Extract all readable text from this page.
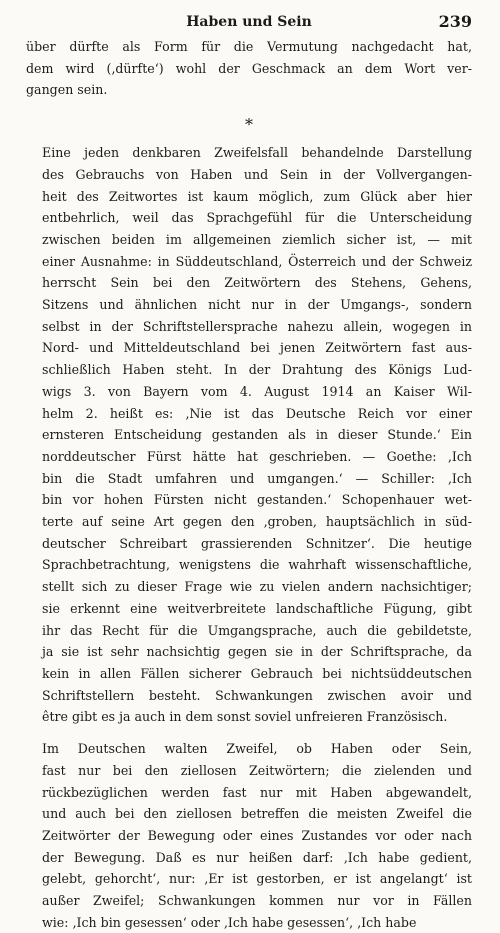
Haben und Sein	239

über dürfte als Form für die Vermutung nachgedacht hat,
dem wird (‚dürfte‘) wohl der Geschmack an dem Wort ver-
gangen sein.

*

Eine jeden denkbaren Zweifelsfall behandelnde Darstellung
des Gebrauchs von Haben und Sein in der Vollvergangen-
heit des Zeitwortes ist kaum möglich, zum Glück aber hier
entbehrlich, weil das Sprachgefühl für die Unterscheidung
zwischen beiden im allgemeinen ziemlich sicher ist, — mit
einer Ausnahme: in Süddeutschland, Österreich und der Schweiz
herrscht Sein bei den Zeitwörtern des Stehens, Gehens,
Sitzens und ähnlichen nicht nur in der Umgangs-, sondern
selbst in der Schriftstellersprache nahezu allein, wogegen in
Nord- und Mitteldeutschland bei jenen Zeitwörtern fast aus-
schließlich Haben steht. In der Drahtung des Königs Lud-
wigs 3. von Bayern vom 4. August 1914 an Kaiser Wil-
helm 2. heißt es: ‚Nie ist das Deutsche Reich vor einer
ernsteren Entscheidung gestanden als in dieser Stunde.‘ Ein
norddeutscher Fürst hätte hat geschrieben. — Goethe: ‚Ich
bin die Stadt umfahren und umgangen.‘ — Schiller: ‚Ich
bin vor hohen Fürsten nicht gestanden.‘ Schopenhauer wet-
terte auf seine Art gegen den ‚groben, hauptsächlich in süd-
deutscher Schreibart grassierenden Schnitzer‘. Die heutige
Sprachbetrachtung, wenigstens die wahrhaft wissenschaftliche,
stellt sich zu dieser Frage wie zu vielen andern nachsichtiger;
sie erkennt eine weitverbreitete landschaftliche Fügung, gibt
ihr das Recht für die Umgangsprache, auch die gebildetste,
ja sie ist sehr nachsichtig gegen sie in der Schriftsprache, da
kein in allen Fällen sicherer Gebrauch bei nichtsüddeutschen
Schriftstellern besteht. Schwankungen zwischen avoir und
être gibt es ja auch in dem sonst soviel unfreieren Französisch.

Im Deutschen walten Zweifel, ob Haben oder Sein,
fast nur bei den ziellosen Zeitwörtern; die zielenden und
rückbezüglichen werden fast nur mit Haben abgewandelt,
und auch bei den ziellosen betreffen die meisten Zweifel die
Zeitwörter der Bewegung oder eines Zustandes vor oder nach
der Bewegung. Daß es nur heißen darf: ‚Ich habe gedient,
gelebt, gehorcht‘, nur: ‚Er ist gestorben, er ist angelangt‘ ist
außer Zweifel; Schwankungen kommen nur vor in Fällen
wie: ‚Ich bin gesessen‘ oder ‚Ich habe gesessen‘, ‚Ich habe
